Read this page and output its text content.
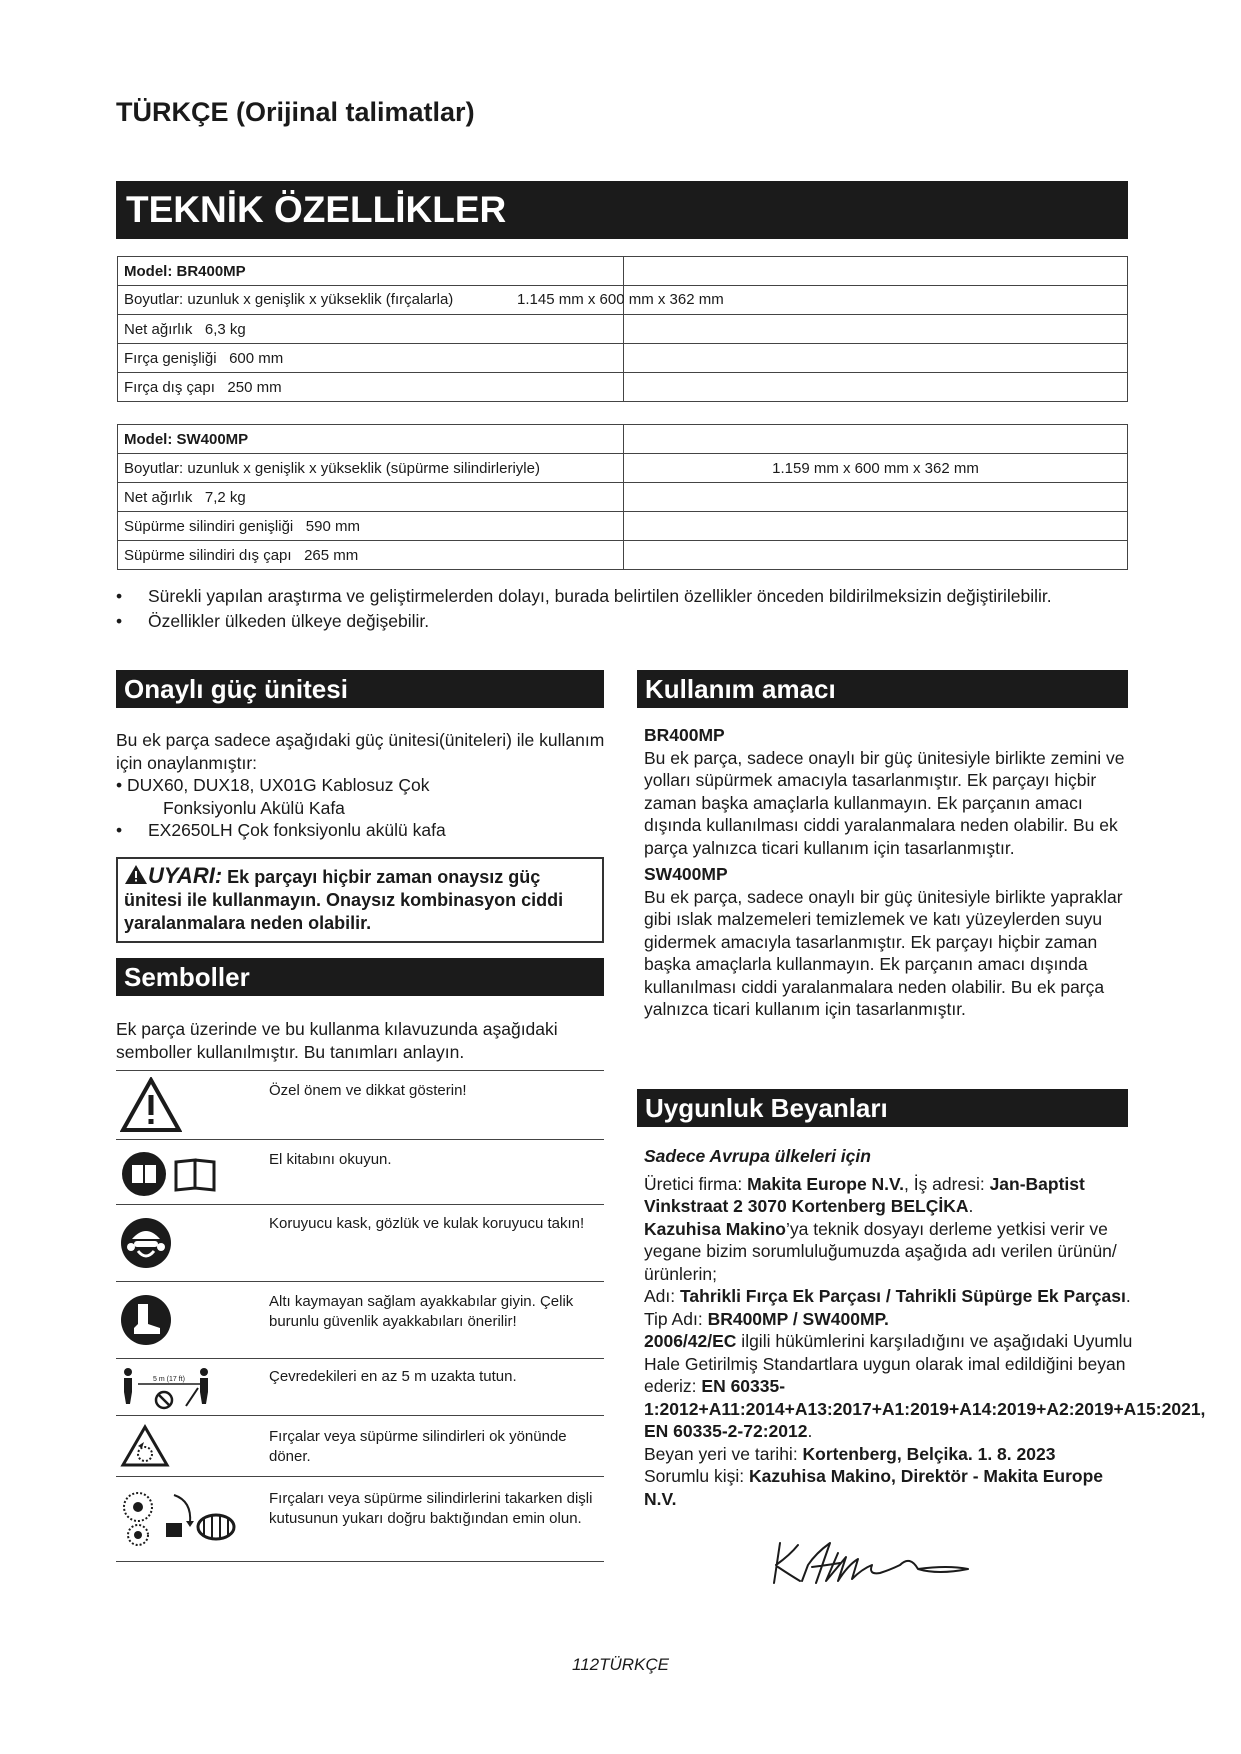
TÜRKÇE (Orijinal talimatlar)
TEKNİK ÖZELLİKLER
Model: BR400MP	

Boyutlar: uzunluk x genişlik x yükseklik (fırçalarla) 1.145 mm x 600 mm x 362 mm	

Net ağırlık 6,3 kg	
Fırça genişliği 600 mm	
Fırça dış çapı 250 mm	
Model: SW400MP	
Boyutlar: uzunluk x genişlik x yükseklik (süpürme silindirleriyle)	1.159 mm x 600 mm x 362 mm
Net ağırlık 7,2 kg	
Süpürme silindiri genişliği 590 mm	
Süpürme silindiri dış çapı 265 mm	
• Sürekli yapılan araştırma ve geliştirmelerden dolayı, burada belirtilen özellikler önceden bildirilmeksizin değiştirilebilir.
• Özellikler ülkeden ülkeye değişebilir.
Onaylı güç ünitesi
Bu ek parça sadece aşağıdaki güç ünitesi(üniteleri) ile kullanım için onaylanmıştır:
• DUX60, DUX18, UX01G Kablosuz Çok
Fonksiyonlu Akülü Kafa
• EX2650LH Çok fonksiyonlu akülü kafa
UYARI: Ek parçayı hiçbir zaman onaysız güç ünitesi ile kullanmayın. Onaysız kombinasyon ciddi yaralanmalara neden olabilir.
Semboller
Ek parça üzerinde ve bu kullanma kılavuzunda aşağıdaki semboller kullanılmıştır. Bu tanımları anlayın.
Özel önem ve dikkat gösterin!
El kitabını okuyun.
Koruyucu kask, gözlük ve kulak koruyucu takın!
Altı kaymayan sağlam ayakkabılar giyin. Çelik burunlu güvenlik ayakkabıları önerilir!
5 m (17 ft)	Çevredekileri en az 5 m uzakta tutun.
Fırçalar veya süpürme silindirleri ok yönünde döner.
Fırçaları veya süpürme silindirlerini takarken dişli kutusunun yukarı doğru baktığından emin olun.
Kullanım amacı
BR400MP
Bu ek parça, sadece onaylı bir güç ünitesiyle birlikte zemini ve yolları süpürmek amacıyla tasarlanmıştır. Ek parçayı hiçbir zaman başka amaçlarla kullanmayın. Ek parçanın amacı dışında kullanılması ciddi yaralanmalara neden olabilir. Bu ek parça yalnızca ticari kullanım için tasarlanmıştır.
SW400MP
Bu ek parça, sadece onaylı bir güç ünitesiyle birlikte yapraklar gibi ıslak malzemeleri temizlemek ve katı yüzeylerden suyu gidermek amacıyla tasarlanmıştır. Ek parçayı hiçbir zaman başka amaçlarla kullanmayın. Ek parçanın amacı dışında kullanılması ciddi yaralanmalara neden olabilir. Bu ek parça yalnızca ticari kullanım için tasarlanmıştır.
Uygunluk Beyanları
Sadece Avrupa ülkeleri için
Üretici firma: Makita Europe N.V., İş adresi: Jan-Baptist Vinkstraat 2 3070 Kortenberg BELÇİKA.
Kazuhisa Makino’ya teknik dosyayı derleme yetkisi verir ve yegane bizim sorumluluğumuzda aşağıda adı verilen ürünün/ürünlerin;
Adı: Tahrikli Fırça Ek Parçası / Tahrikli Süpürge Ek Parçası. Tip Adı: BR400MP / SW400MP.
2006/42/EC ilgili hükümlerini karşıladığını ve aşağıdaki Uyumlu Hale Getirilmiş Standartlara uygun olarak imal edildiğini beyan ederiz: EN 60335-1:2012+A11:2014+A13:2017+A1:2019+A14:2019+A2:2019+A15:2021, EN 60335-2-72:2012.
Beyan yeri ve tarihi: Kortenberg, Belçika. 1. 8. 2023
Sorumlu kişi: Kazuhisa Makino, Direktör - Makita Europe N.V.
112TÜRKÇE
